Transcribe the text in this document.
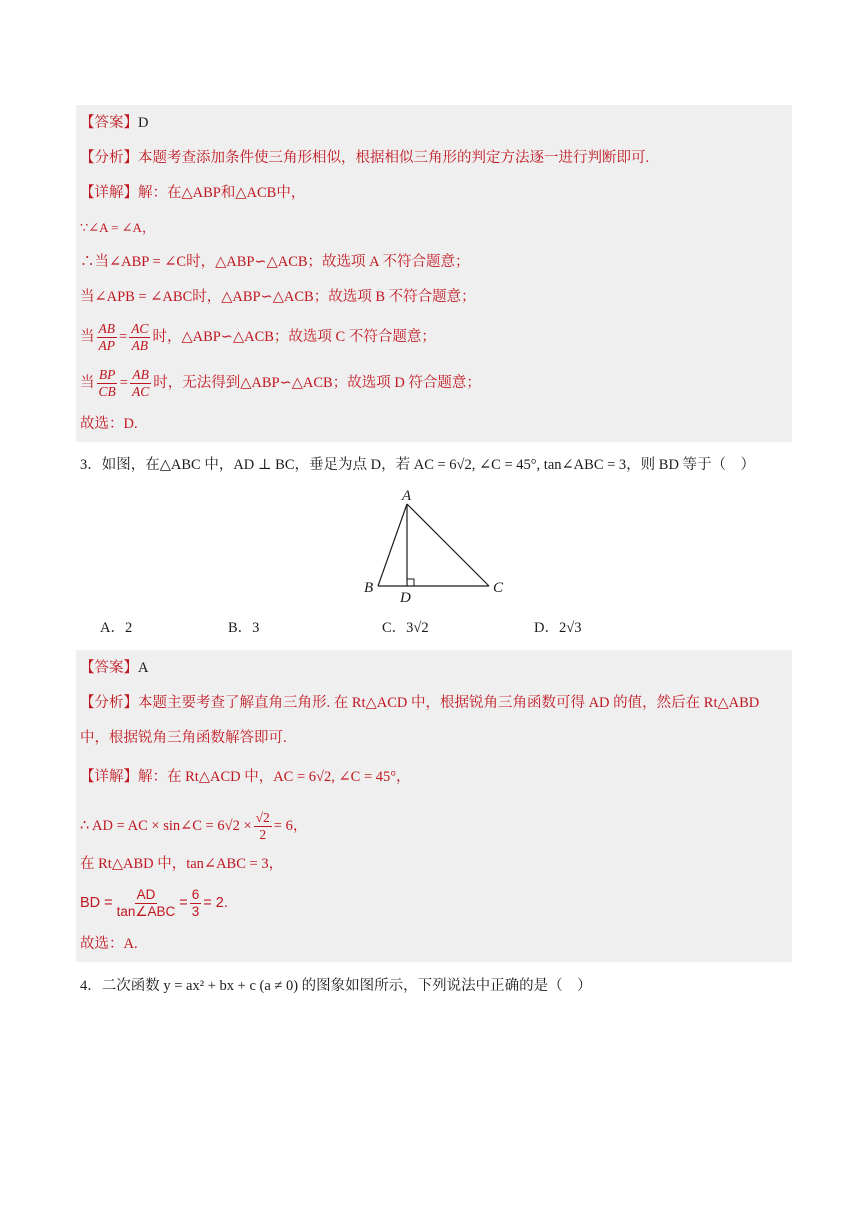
【答案】D
【分析】本题考查添加条件使三角形相似，根据相似三角形的判定方法逐一进行判断即可.
【详解】解：在△ABP和△ACB中，
∵∠A = ∠A，
∴当∠ABP = ∠C时，△ABP∽△ACB；故选项 A 不符合题意；
当∠APB = ∠ABC时，△ABP∽△ACB；故选项 B 不符合题意；
当 $\frac{AB}{AP} = \frac{AC}{AB}$ 时，△ABP∽△ACB；故选项 C 不符合题意；
当 $\frac{BP}{CB} = \frac{AB}{AC}$ 时，无法得到△ABP∽△ACB；故选项 D 符合题意；
故选：D.
3．如图，在△ABC 中，AD ⊥ BC，垂足为点 D，若 AC = 6√2, ∠C = 45°, tan∠ABC = 3，则 BD 等于（　）
A
B	C
D
A．2	B．3	C．3√2	D．2√3
【答案】A
【分析】本题主要考查了解直角三角形. 在 Rt△ACD 中，根据锐角三角函数可得 AD 的值，然后在 Rt△ABD
中，根据锐角三角函数解答即可.
【详解】解：在 Rt△ACD 中，AC = 6√2, ∠C = 45°，
∴ AD = AC × sin∠C = $6√2 \times \frac{√2}{2} = 6$，
在 Rt△ABD 中，tan∠ABC = 3，
BD = $\frac{AD}{\text{tan∠ABC}} = \frac{6}{3} = 2$.
故选：A.
4．二次函数 y = ax² + bx + c (a ≠ 0) 的图象如图所示，下列说法中正确的是（　）
